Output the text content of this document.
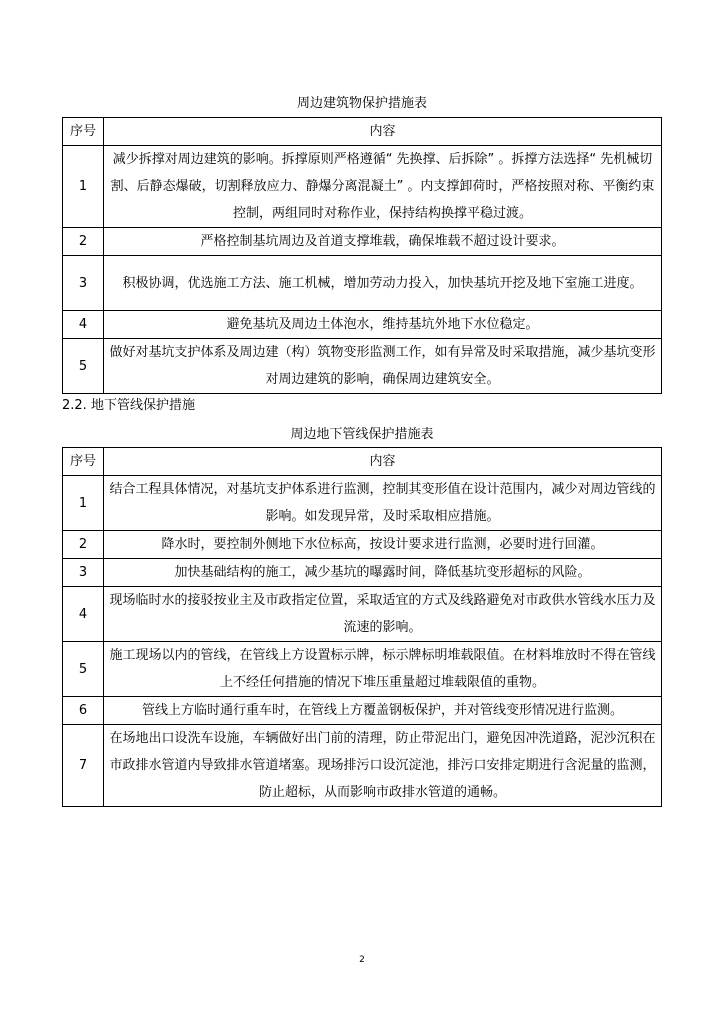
周边建筑物保护措施表
序号	内容
1	减少拆撑对周边建筑的影响。拆撑原则严格遵循“ 先换撑、后拆除” 。拆撑方法选择“ 先机械切割、后静态爆破，切割释放应力、静爆分离混凝土” 。内支撑卸荷时，严格按照对称、平衡约束控制，两组同时对称作业，保持结构换撑平稳过渡。
2	严格控制基坑周边及首道支撑堆载，确保堆载不超过设计要求。
3	积极协调，优选施工方法、施工机械，增加劳动力投入，加快基坑开挖及地下室施工进度。
4	避免基坑及周边土体泡水，维持基坑外地下水位稳定。
5	做好对基坑支护体系及周边建（构）筑物变形监测工作，如有异常及时采取措施，减少基坑变形对周边建筑的影响，确保周边建筑安全。
2.2. 地下管线保护措施
周边地下管线保护措施表
序号	内容
1	结合工程具体情况，对基坑支护体系进行监测，控制其变形值在设计范围内，减少对周边管线的影响。如发现异常，及时采取相应措施。
2	降水时，要控制外侧地下水位标高，按设计要求进行监测，必要时进行回灌。
3	加快基础结构的施工，减少基坑的曝露时间，降低基坑变形超标的风险。
4	现场临时水的接驳按业主及市政指定位置，采取适宜的方式及线路避免对市政供水管线水压力及流速的影响。
5	施工现场以内的管线，在管线上方设置标示牌，标示牌标明堆载限值。在材料堆放时不得在管线上不经任何措施的情况下堆压重量超过堆载限值的重物。
6	管线上方临时通行重车时，在管线上方覆盖钢板保护，并对管线变形情况进行监测。
7	在场地出口设洗车设施，车辆做好出门前的清理，防止带泥出门，避免因冲洗道路，泥沙沉积在市政排水管道内导致排水管道堵塞。现场排污口设沉淀池，排污口安排定期进行含泥量的监测，防止超标，从而影响市政排水管道的通畅。
2
